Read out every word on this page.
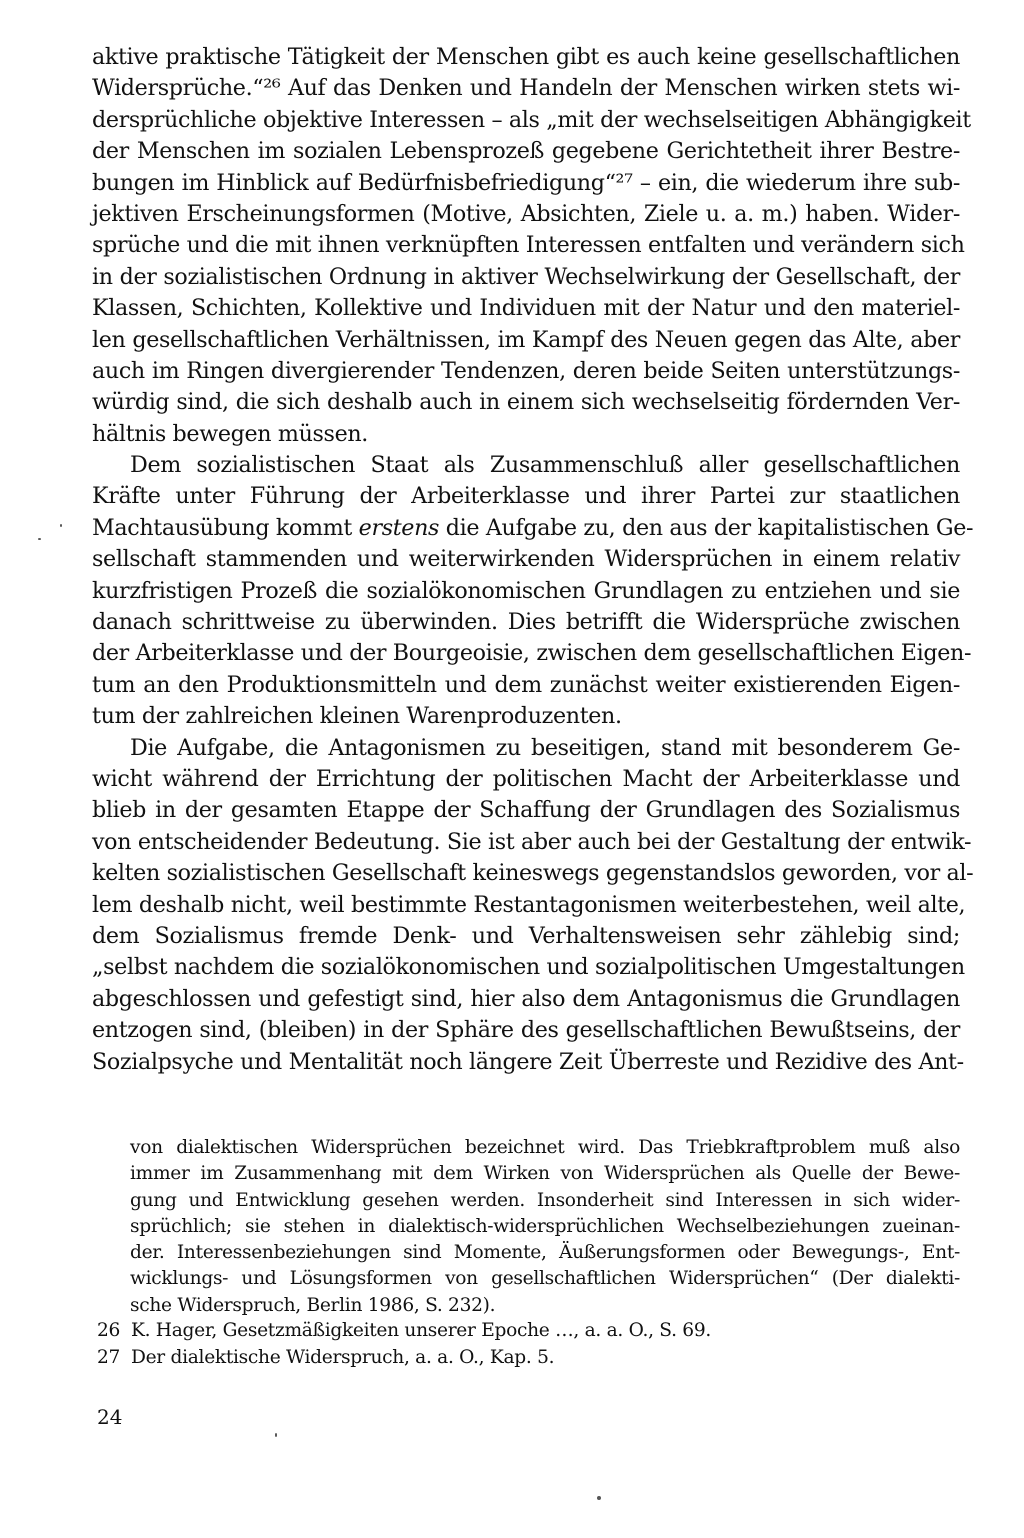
aktive praktische Tätigkeit der Menschen gibt es auch keine gesellschaftlichen
Widersprüche.“²⁶ Auf das Denken und Handeln der Menschen wirken stets wi-
dersprüchliche objektive Interessen – als „mit der wechselseitigen Abhängigkeit
der Menschen im sozialen Lebensprozeß gegebene Gerichtetheit ihrer Bestre-
bungen im Hinblick auf Bedürfnisbefriedigung“²⁷ – ein, die wiederum ihre sub-
jektiven Erscheinungsformen (Motive, Absichten, Ziele u. a. m.) haben. Wider-
sprüche und die mit ihnen verknüpften Interessen entfalten und verändern sich
in der sozialistischen Ordnung in aktiver Wechselwirkung der Gesellschaft, der
Klassen, Schichten, Kollektive und Individuen mit der Natur und den materiel-
len gesellschaftlichen Verhältnissen, im Kampf des Neuen gegen das Alte, aber
auch im Ringen divergierender Tendenzen, deren beide Seiten unterstützungs-
würdig sind, die sich deshalb auch in einem sich wechselseitig fördernden Ver-
hältnis bewegen müssen.
Dem sozialistischen Staat als Zusammenschluß aller gesellschaftlichen
Kräfte unter Führung der Arbeiterklasse und ihrer Partei zur staatlichen
Machtausübung kommt erstens die Aufgabe zu, den aus der kapitalistischen Ge-
sellschaft stammenden und weiterwirkenden Widersprüchen in einem relativ
kurzfristigen Prozeß die sozialökonomischen Grundlagen zu entziehen und sie
danach schrittweise zu überwinden. Dies betrifft die Widersprüche zwischen
der Arbeiterklasse und der Bourgeoisie, zwischen dem gesellschaftlichen Eigen-
tum an den Produktionsmitteln und dem zunächst weiter existierenden Eigen-
tum der zahlreichen kleinen Warenproduzenten.
Die Aufgabe, die Antagonismen zu beseitigen, stand mit besonderem Ge-
wicht während der Errichtung der politischen Macht der Arbeiterklasse und
blieb in der gesamten Etappe der Schaffung der Grundlagen des Sozialismus
von entscheidender Bedeutung. Sie ist aber auch bei der Gestaltung der entwik-
kelten sozialistischen Gesellschaft keineswegs gegenstandslos geworden, vor al-
lem deshalb nicht, weil bestimmte Restantagonismen weiterbestehen, weil alte,
dem Sozialismus fremde Denk- und Verhaltensweisen sehr zählebig sind;
„selbst nachdem die sozialökonomischen und sozialpolitischen Umgestaltungen
abgeschlossen und gefestigt sind, hier also dem Antagonismus die Grundlagen
entzogen sind, (bleiben) in der Sphäre des gesellschaftlichen Bewußtseins, der
Sozialpsyche und Mentalität noch längere Zeit Überreste und Rezidive des Ant-
von dialektischen Widersprüchen bezeichnet wird. Das Triebkraftproblem muß also
immer im Zusammenhang mit dem Wirken von Widersprüchen als Quelle der Bewe-
gung und Entwicklung gesehen werden. Insonderheit sind Interessen in sich wider-
sprüchlich; sie stehen in dialektisch-widersprüchlichen Wechselbeziehungen zueinan-
der. Interessenbeziehungen sind Momente, Äußerungsformen oder Bewegungs-, Ent-
wicklungs- und Lösungsformen von gesellschaftlichen Widersprüchen“ (Der dialekti-
sche Widerspruch, Berlin 1986, S. 232).
26 K. Hager, Gesetzmäßigkeiten unserer Epoche …, a. a. O., S. 69.
27 Der dialektische Widerspruch, a. a. O., Kap. 5.
24
